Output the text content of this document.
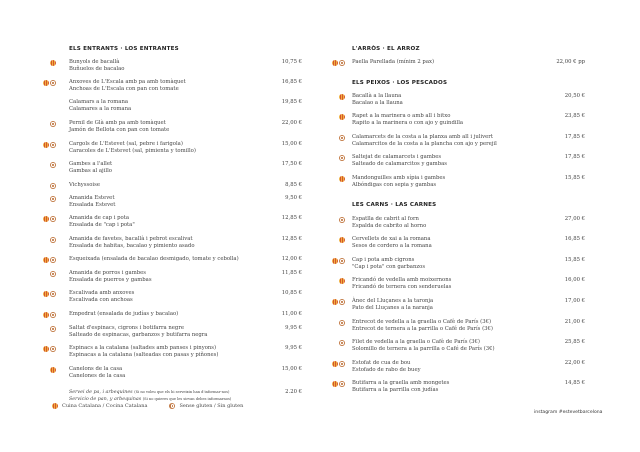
ELS ENTRANTS · LOS ENTRANTES
Bunyols de bacallà
Buñuelos de bacalao
10,75 €
Anxoves de L'Escala amb pa amb tomàquet
Anchoas de L'Escala con pan con tomate
16,85 €
Calamars a la romana
Calamares a la romana
19,85 €
Pernil de Glà amb pa amb tomàquet
Jamón de Bellota con pan con tomate
22,00 €
Cargols de L'Estevet (sal, pebre i farigola)
Caracoles de L'Estevet (sal, pimienta y tomillo)
15,00 €
Gambes a l'allet
Gambas al ajillo
17,50 €
Vichyssoise	8,85 €
Amanida Estevet
Ensalada Estevet
9,50 €
Amanida de cap i pota
Ensalada de "cap i pota"
12,85 €
Amanida de favetes, bacallà i pebrot escalivat
Ensalada de habitas, bacalao y pimiento asado
12,85 €
Esqueixada (ensalada de bacalao desmigado, tomate y cebolla)	12,00 €
Amanida de porros i gambes
Ensalada de puerros y gambas
11,85 €
Escalivada amb anxoves
Escalivada con anchoas
10,85 €
Empedrat (ensalada de judías y bacalao)	11,00 €
Saltat d'espinacs, cigrons i botifarra negre
Salteado de espinacas, garbanzos y butifarra negra
9,95 €
Espinacs a la catalana (saltades amb panses i pinyons)
Espinacas a la catalana (salteadas con pasas y piñones)
9,95 €
Canelons de la casa
Canelones de la casa
15,00 €
L'ARRÒS · EL ARROZ
Paella Parellada (mínim 2 pax)	22,00 € pp
ELS PEIXOS · LOS PESCADOS
Bacallà a la llauna
Bacalao a la llauna
20,50 €
Rapet a la marinera o amb all i bitxo
Rapito a la marinera o con ajo y guindilla
23,85 €
Calamarcets de la costa a la planxa amb all i julivert
Calamarcitos de la costa a la plancha con ajo y perejil
17,85 €
Saltejat de calamarcets i gambes
Salteado de calamarcitos y gambas
17,85 €
Mandonguilles amb sípia i gambes
Albóndigas con sepia y gambas
15,85 €
LES CARNS · LAS CARNES
Espatlla de cabrit al forn
Espalda de cabrito al horno
27,00 €
Cervellets de xai a la romana
Sesos de cordero a la romana
16,85 €
Cap i pota amb cigrons
"Cap i pota" con garbanzos
15,85 €
Fricandó de vedella amb moixernons
Fricandó de ternera con senderuelas
16,00 €
Ànec del Lluçanes a la taronja
Pato del Lluçanes a la naranja
17,00 €
Entrecot de vedella a la graella o Cafè de París (3€)
Entrecot de ternera a la parrilla o Café de París (3€)
21,00 €
Filet de vedella a la graella o Cafè de París (3€)
Solomillo de ternera a la parrilla o Café de París (3€)
25,85 €
Estofat de cua de bou
Estofado de rabo de buey
22,00 €
Butifarra a la graella amb mongetes
Butifarra a la parrilla con judías
14,85 €
Servei de pa, i arbequines (Si no voleu que els hi serveixin han d'informar-nos)
Servicio de pan, y arbequinas (Si no quieres que les sirvan debes informarnos)
2.20 €
Cuina Catalana / Cocina Catalana	Sense gluten / Sin gluten
instagram #estevetbarcelona
